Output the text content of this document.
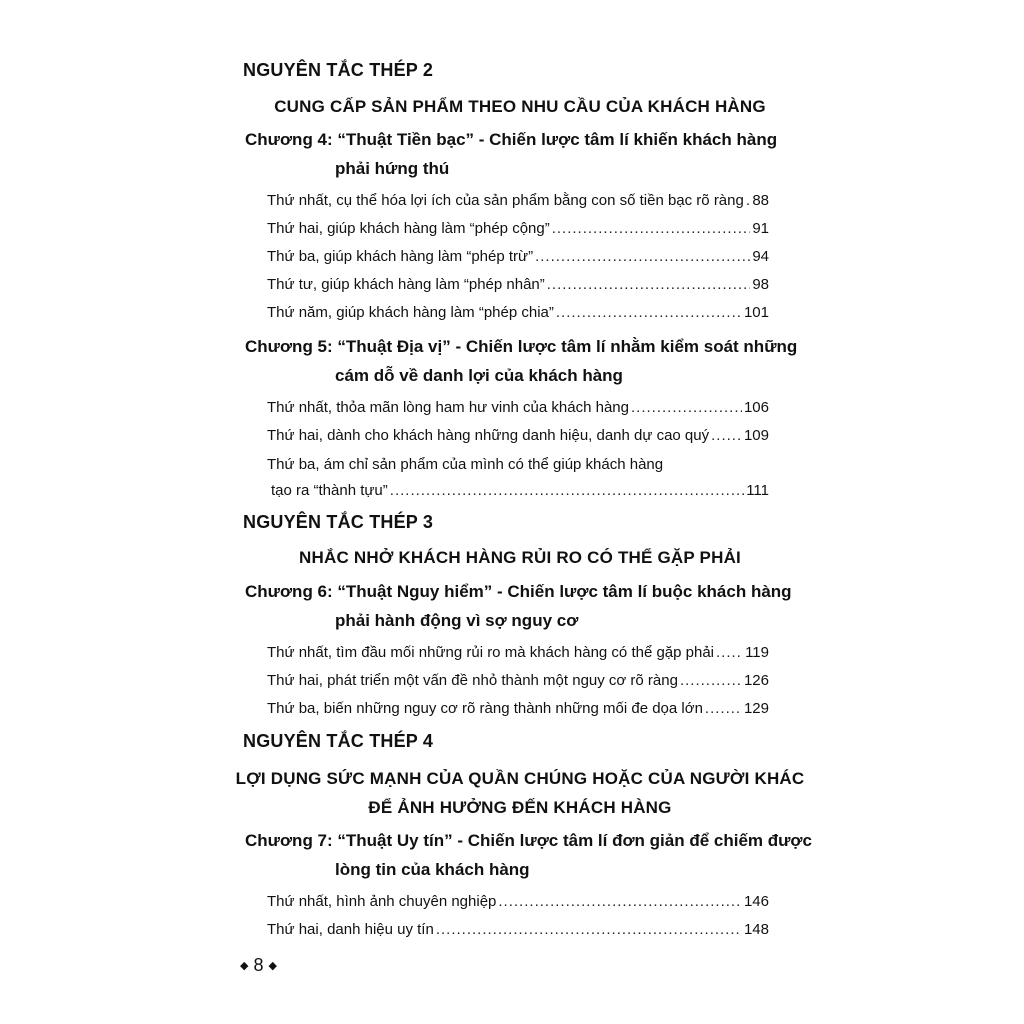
NGUYÊN TẮC THÉP 2
CUNG CẤP SẢN PHẨM THEO NHU CẦU CỦA KHÁCH HÀNG
Chương 4: “Thuật Tiền bạc” - Chiến lược tâm lí khiến khách hàng
phải hứng thú
Thứ nhất, cụ thể hóa lợi ích của sản phẩm bằng con số tiền bạc rõ ràng ..... 88
Thứ hai, giúp khách hàng làm “phép cộng” .....	91
Thứ ba, giúp khách hàng làm “phép trừ” .....	94
Thứ tư, giúp khách hàng làm “phép nhân” .....	98
Thứ năm, giúp khách hàng làm “phép chia” .....	101
Chương 5: “Thuật Địa vị” - Chiến lược tâm lí nhằm kiểm soát những
cám dỗ về danh lợi của khách hàng
Thứ nhất, thỏa mãn lòng ham hư vinh của khách hàng .....	106
Thứ hai, dành cho khách hàng những danh hiệu, danh dự cao quý ..... 109
Thứ ba, ám chỉ sản phẩm của mình có thể giúp khách hàng
tạo ra “thành tựu” .....	111
NGUYÊN TẮC THÉP 3
NHẮC NHỞ KHÁCH HÀNG RỦI RO CÓ THỂ GẶP PHẢI
Chương 6: “Thuật Nguy hiểm” - Chiến lược tâm lí buộc khách hàng
phải hành động vì sợ nguy cơ
Thứ nhất, tìm đầu mối những rủi ro mà khách hàng có thể gặp phải ..... 119
Thứ hai, phát triển một vấn đề nhỏ thành một nguy cơ rõ ràng .....	126
Thứ ba, biến những nguy cơ rõ ràng thành những mối đe dọa lớn .....	129
NGUYÊN TẮC THÉP 4
LỢI DỤNG SỨC MẠNH CỦA QUẦN CHÚNG HOẶC CỦA NGƯỜI KHÁC
ĐỂ ẢNH HƯỞNG ĐẾN KHÁCH HÀNG
Chương 7: “Thuật Uy tín” - Chiến lược tâm lí đơn giản để chiếm được
lòng tin của khách hàng
Thứ nhất, hình ảnh chuyên nghiệp .....	146
Thứ hai, danh hiệu uy tín .....	148
◆ 8 ◆
